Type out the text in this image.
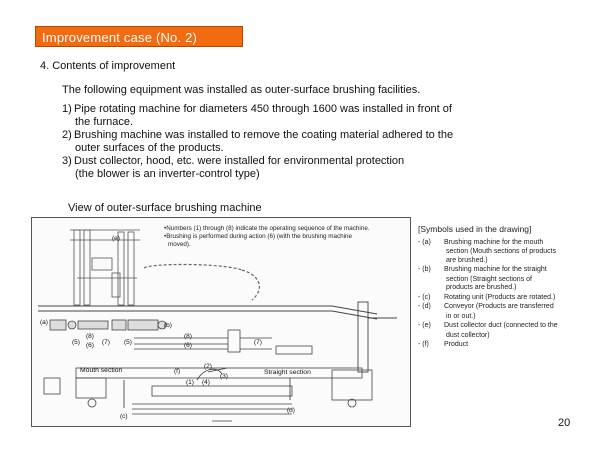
Improvement case (No. 2)
4. Contents of improvement
The following equipment was installed as outer-surface brushing facilities.
1) Pipe rotating machine for diameters 450 through 1600 was installed in front of
the furnace.
2) Brushing machine was installed to remove the coating material adhered to the
outer surfaces of the products.
3) Dust collector, hood, etc. were installed for environmental protection
(the blower is an inverter-control type)
View of outer-surface brushing machine
•Numbers (1) through (8) indicate the operating sequence of the machine.
•Brushing is performed during action (6) (with the brushing machine
moved).
(e)
(a)	(b)
(c)
(d)
(f)
(1)
(2)
(3)
(4)
(5)	(5)
(8)
(6) (7)
(8)
(6)	(7)
Mouth section	Straight section
[Symbols used in the drawing]
- (a)	Brushing machine for the mouth
section (Mouth sections of products
are brushed.)
- (b)	Brushing machine for the straight
section (Straight sections of
products are brushed.)
- (c)	Rotating unit (Products are rotated.)
- (d)	Conveyor (Products are transferred
in or out.)
- (e)	Dust collector duct (connected to the
dust collector)
- (f)	Product
20
